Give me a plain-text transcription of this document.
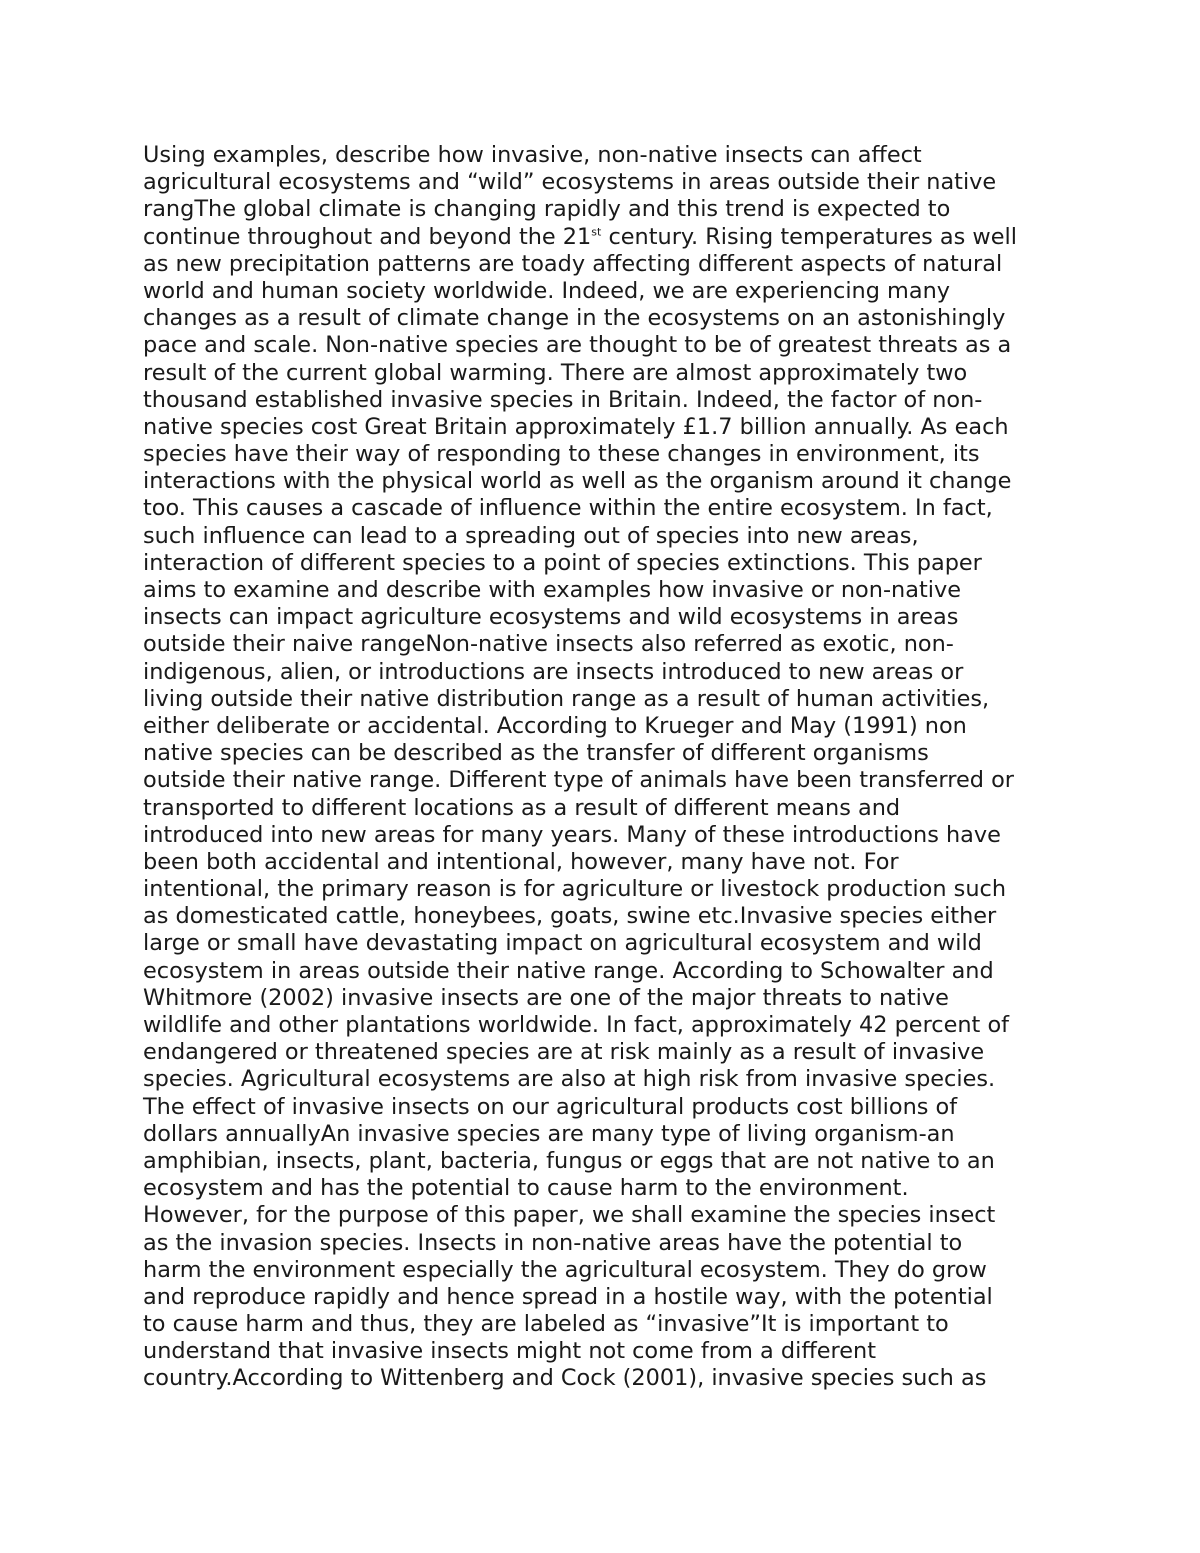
Using examples, describe how invasive, non-native insects can affect
agricultural ecosystems and “wild” ecosystems in areas outside their native
rangThe global climate is changing rapidly and this trend is expected to
continue throughout and beyond the 21st century. Rising temperatures as well
as new precipitation patterns are toady affecting different aspects of natural
world and human society worldwide. Indeed, we are experiencing many
changes as a result of climate change in the ecosystems on an astonishingly
pace and scale. Non-native species are thought to be of greatest threats as a
result of the current global warming. There are almost approximately two
thousand established invasive species in Britain. Indeed, the factor of non-
native species cost Great Britain approximately £1.7 billion annually. As each
species have their way of responding to these changes in environment, its
interactions with the physical world as well as the organism around it change
too. This causes a cascade of influence within the entire ecosystem. In fact,
such influence can lead to a spreading out of species into new areas,
interaction of different species to a point of species extinctions. This paper
aims to examine and describe with examples how invasive or non-native
insects can impact agriculture ecosystems and wild ecosystems in areas
outside their naive rangeNon-native insects also referred as exotic, non-
indigenous, alien, or introductions are insects introduced to new areas or
living outside their native distribution range as a result of human activities,
either deliberate or accidental. According to Krueger and May (1991) non
native species can be described as the transfer of different organisms
outside their native range. Different type of animals have been transferred or
transported to different locations as a result of different means and
introduced into new areas for many years. Many of these introductions have
been both accidental and intentional, however, many have not. For
intentional, the primary reason is for agriculture or livestock production such
as domesticated cattle, honeybees, goats, swine etc.Invasive species either
large or small have devastating impact on agricultural ecosystem and wild
ecosystem in areas outside their native range. According to Schowalter and
Whitmore (2002) invasive insects are one of the major threats to native
wildlife and other plantations worldwide. In fact, approximately 42 percent of
endangered or threatened species are at risk mainly as a result of invasive
species. Agricultural ecosystems are also at high risk from invasive species.
The effect of invasive insects on our agricultural products cost billions of
dollars annuallyAn invasive species are many type of living organism-an
amphibian, insects, plant, bacteria, fungus or eggs that are not native to an
ecosystem and has the potential to cause harm to the environment.
However, for the purpose of this paper, we shall examine the species insect
as the invasion species. Insects in non-native areas have the potential to
harm the environment especially the agricultural ecosystem. They do grow
and reproduce rapidly and hence spread in a hostile way, with the potential
to cause harm and thus, they are labeled as “invasive”It is important to
understand that invasive insects might not come from a different
country.According to Wittenberg and Cock (2001), invasive species such as
